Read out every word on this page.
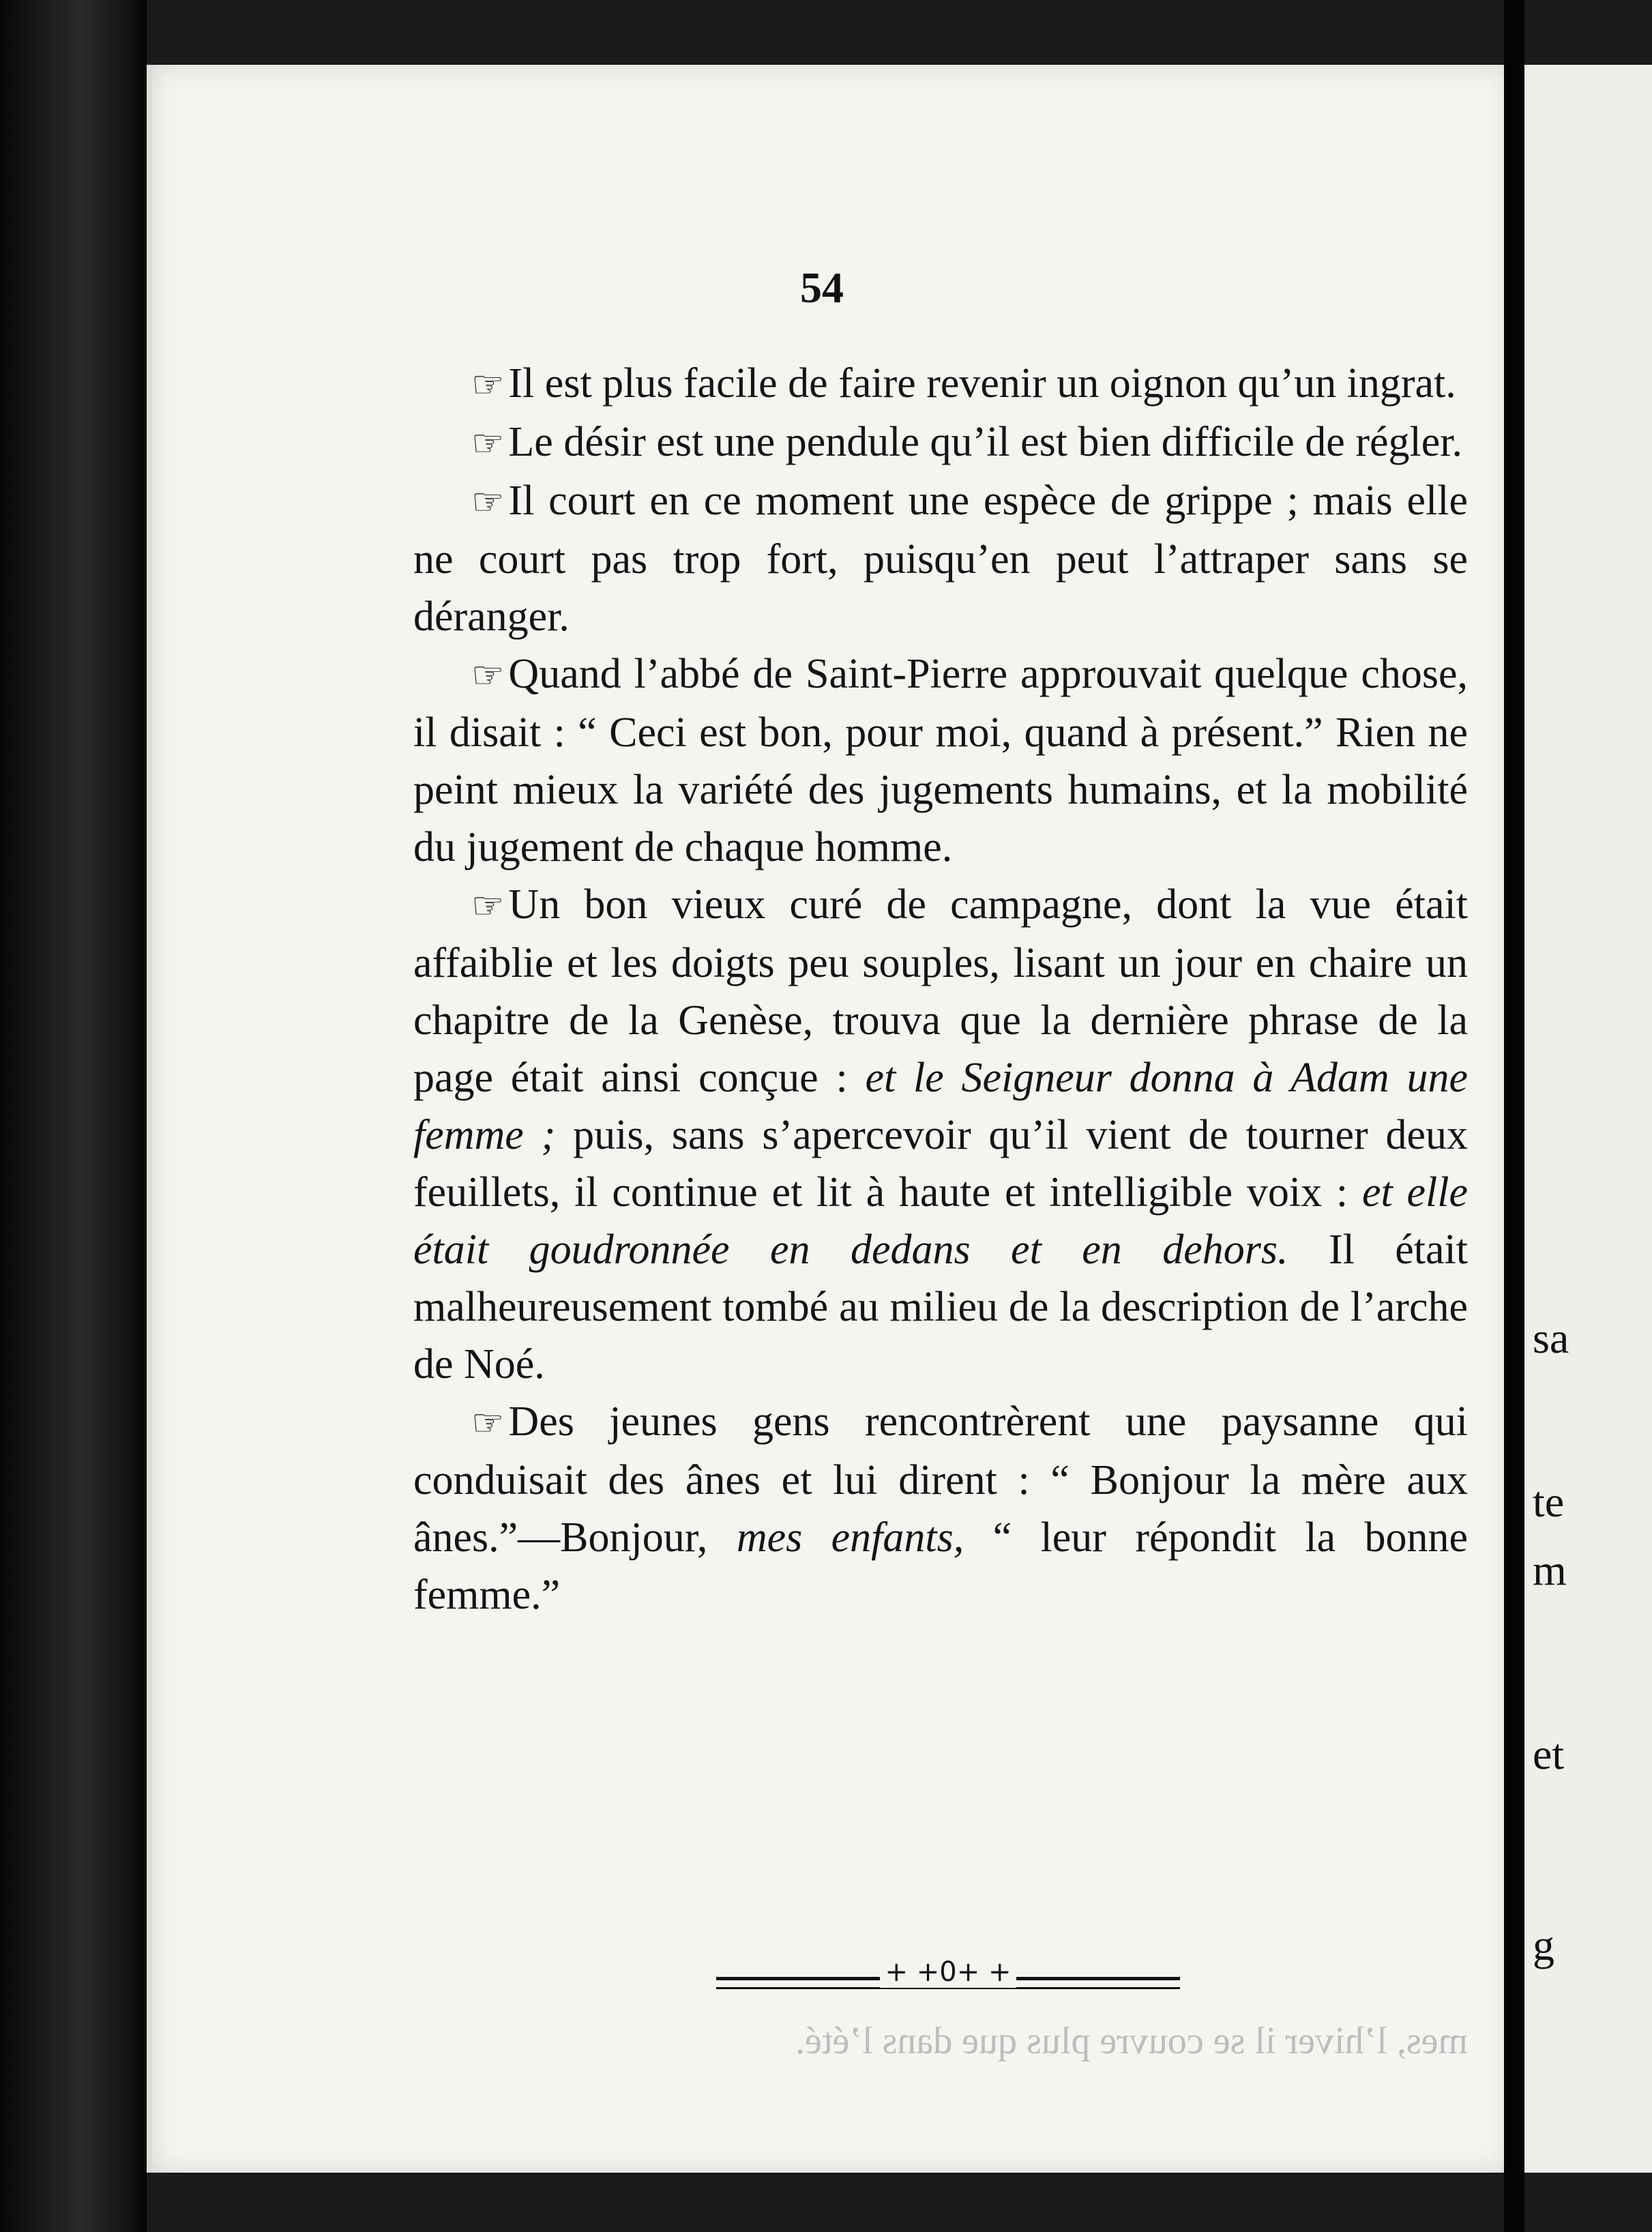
54

☞Il est plus facile de faire revenir un oignon qu’un ingrat.

☞Le désir est une pendule qu’il est bien difficile de régler.

☞Il court en ce moment une espèce de grippe ; mais elle ne court pas trop fort, puisqu’en peut l’attraper sans se déranger.

☞Quand l’abbé de Saint-Pierre approuvait quelque chose, il disait : “ Ceci est bon, pour moi, quand à présent.” Rien ne peint mieux la variété des jugements humains, et la mobilité du jugement de chaque homme.

☞Un bon vieux curé de campagne, dont la vue était affaiblie et les doigts peu souples, lisant un jour en chaire un chapitre de la Genèse, trouva que la dernière phrase de la page était ainsi conçue : et le Seigneur donna à Adam une femme ; puis, sans s’apercevoir qu’il vient de tourner deux feuillets, il continue et lit à haute et intelligible voix : et elle était goudronnée en dedans et en dehors. Il était malheureusement tombé au milieu de la description de l’arche de Noé.

☞Des jeunes gens rencontrèrent une paysanne qui conduisait des ânes et lui dirent : “ Bonjour la mère aux ânes.”—Bonjour, mes enfants, “ leur répondit la bonne femme.”

+ +0+ +
mes, l’hiver il se couvre plus que dans l’été.
sa
te
m
et
g
